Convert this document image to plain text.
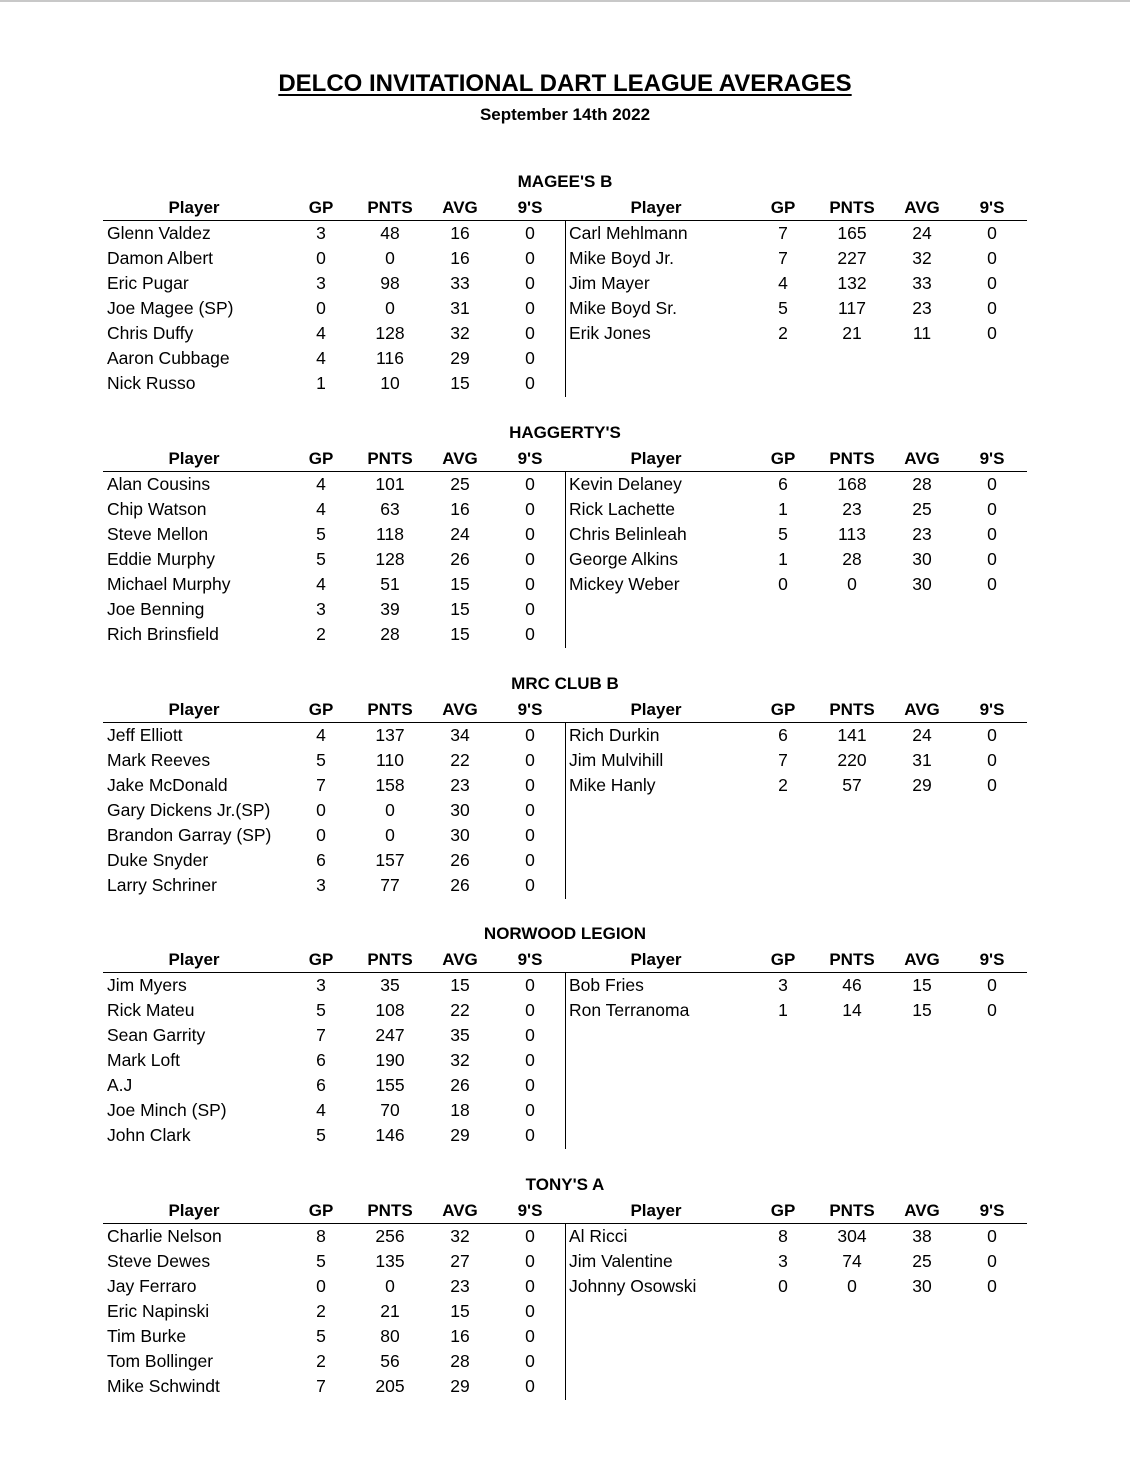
DELCO INVITATIONAL DART LEAGUE AVERAGES
September 14th 2022
MAGEE'S B
Player	GP	PNTS	AVG	9'S
Glenn Valdez	3	48	16	0
Damon Albert	0	0	16	0
Eric Pugar	3	98	33	0
Joe Magee (SP)	0	0	31	0
Chris Duffy	4	128	32	0
Aaron Cubbage	4	116	29	0
Nick Russo	1	10	15	0
Player	GP	PNTS	AVG	9'S
Carl Mehlmann	7	165	24	0
Mike Boyd Jr.	7	227	32	0
Jim Mayer	4	132	33	0
Mike Boyd Sr.	5	117	23	0
Erik Jones	2	21	11	0
HAGGERTY'S
Player	GP	PNTS	AVG	9'S
Alan Cousins	4	101	25	0
Chip Watson	4	63	16	0
Steve Mellon	5	118	24	0
Eddie Murphy	5	128	26	0
Michael Murphy	4	51	15	0
Joe Benning	3	39	15	0
Rich Brinsfield	2	28	15	0
Player	GP	PNTS	AVG	9'S
Kevin Delaney	6	168	28	0
Rick Lachette	1	23	25	0
Chris Belinleah	5	113	23	0
George Alkins	1	28	30	0
Mickey Weber	0	0	30	0
MRC CLUB B
Player	GP	PNTS	AVG	9'S
Jeff Elliott	4	137	34	0
Mark Reeves	5	110	22	0
Jake McDonald	7	158	23	0
Gary Dickens Jr.(SP)	0	0	30	0
Brandon Garray (SP)	0	0	30	0
Duke Snyder	6	157	26	0
Larry Schriner	3	77	26	0
Player	GP	PNTS	AVG	9'S
Rich Durkin	6	141	24	0
Jim Mulvihill	7	220	31	0
Mike Hanly	2	57	29	0
NORWOOD LEGION
Player	GP	PNTS	AVG	9'S
Jim Myers	3	35	15	0
Rick Mateu	5	108	22	0
Sean Garrity	7	247	35	0
Mark Loft	6	190	32	0
A.J	6	155	26	0
Joe Minch (SP)	4	70	18	0
John Clark	5	146	29	0
Player	GP	PNTS	AVG	9'S
Bob Fries	3	46	15	0
Ron Terranoma	1	14	15	0
TONY'S A
Player	GP	PNTS	AVG	9'S
Charlie Nelson	8	256	32	0
Steve Dewes	5	135	27	0
Jay Ferraro	0	0	23	0
Eric Napinski	2	21	15	0
Tim Burke	5	80	16	0
Tom Bollinger	2	56	28	0
Mike Schwindt	7	205	29	0
Player	GP	PNTS	AVG	9'S
Al Ricci	8	304	38	0
Jim Valentine	3	74	25	0
Johnny Osowski	0	0	30	0
